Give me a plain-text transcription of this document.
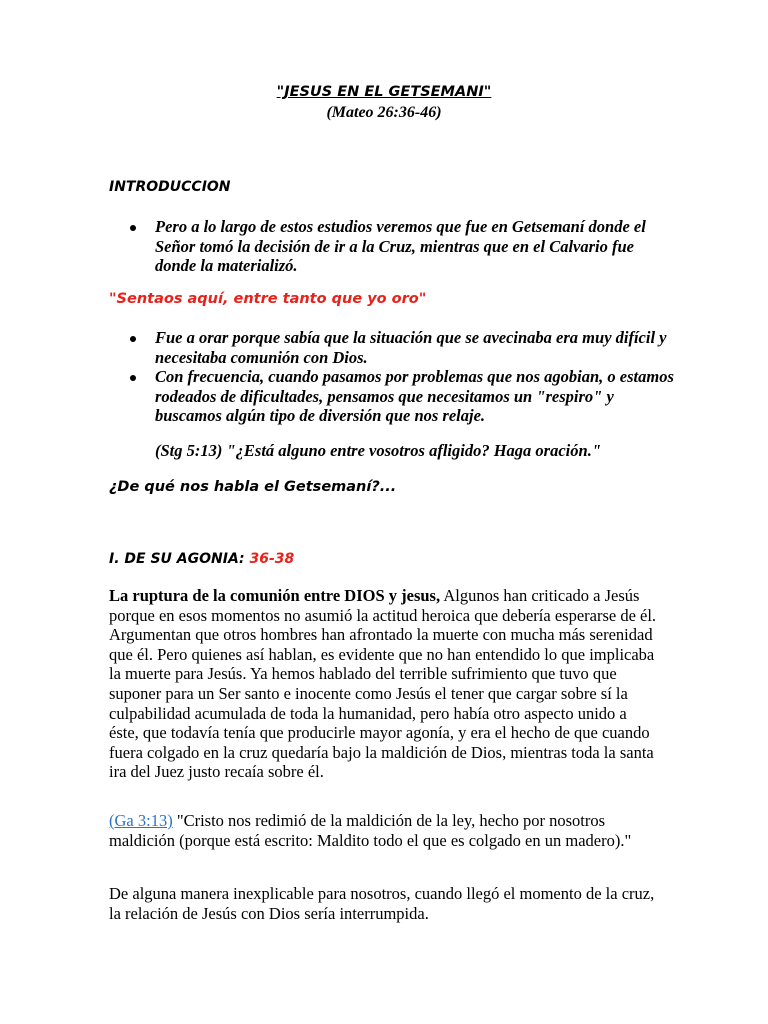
"JESUS EN EL GETSEMANI"
(Mateo 26:36-46)
INTRODUCCION
Pero a lo largo de estos estudios veremos que fue en Getsemaní donde el Señor tomó la decisión de ir a la Cruz, mientras que en el Calvario fue donde la materializó.
"Sentaos aquí, entre tanto que yo oro"
Fue a orar porque sabía que la situación que se avecinaba era muy difícil y necesitaba comunión con Dios.
Con frecuencia, cuando pasamos por problemas que nos agobian, o estamos rodeados de dificultades, pensamos que necesitamos un "respiro" y buscamos algún tipo de diversión que nos relaje.
(Stg 5:13) "¿Está alguno entre vosotros afligido? Haga oración."
¿De qué nos habla el Getsemaní?...
I. DE SU AGONIA: 36-38
La ruptura de la comunión entre DIOS y jesus, Algunos han criticado a Jesús porque en esos momentos no asumió la actitud heroica que debería esperarse de él. Argumentan que otros hombres han afrontado la muerte con mucha más serenidad que él. Pero quienes así hablan, es evidente que no han entendido lo que implicaba la muerte para Jesús. Ya hemos hablado del terrible sufrimiento que tuvo que suponer para un Ser santo e inocente como Jesús el tener que cargar sobre sí la culpabilidad acumulada de toda la humanidad, pero había otro aspecto unido a éste, que todavía tenía que producirle mayor agonía, y era el hecho de que cuando fuera colgado en la cruz quedaría bajo la maldición de Dios, mientras toda la santa ira del Juez justo recaía sobre él.
(Ga 3:13) "Cristo nos redimió de la maldición de la ley, hecho por nosotros maldición (porque está escrito: Maldito todo el que es colgado en un madero)."
De alguna manera inexplicable para nosotros, cuando llegó el momento de la cruz, la relación de Jesús con Dios sería interrumpida.
